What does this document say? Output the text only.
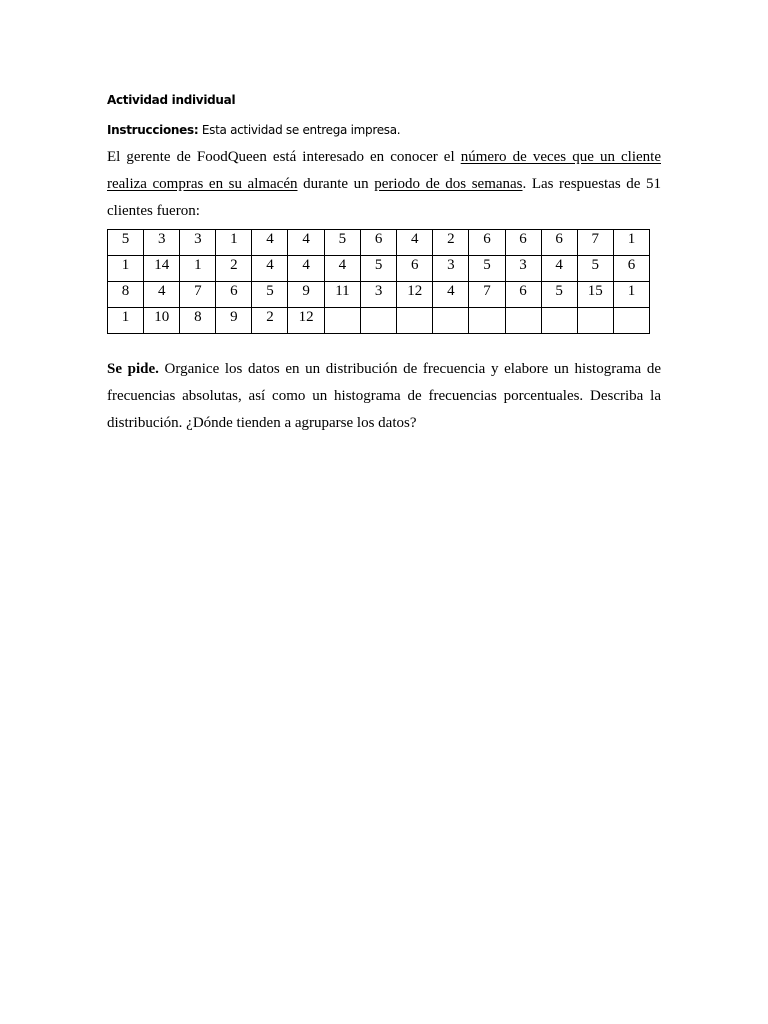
Actividad individual

Instrucciones: Esta actividad se entrega impresa.

El gerente de FoodQueen está interesado en conocer el número de veces que un cliente realiza compras en su almacén durante un periodo de dos semanas. Las respuestas de 51 clientes fueron:

5	3	3	1	4	4	5	6	4	2	6	6	6	7	1
1	14	1	2	4	4	4	5	6	3	5	3	4	5	6
8	4	7	6	5	9	11	3	12	4	7	6	5	15	1
1	10	8	9	2	12									

Se pide. Organice los datos en un distribución de frecuencia y elabore un histograma de frecuencias absolutas, así como un histograma de frecuencias porcentuales. Describa la distribución. ¿Dónde tienden a agruparse los datos?
